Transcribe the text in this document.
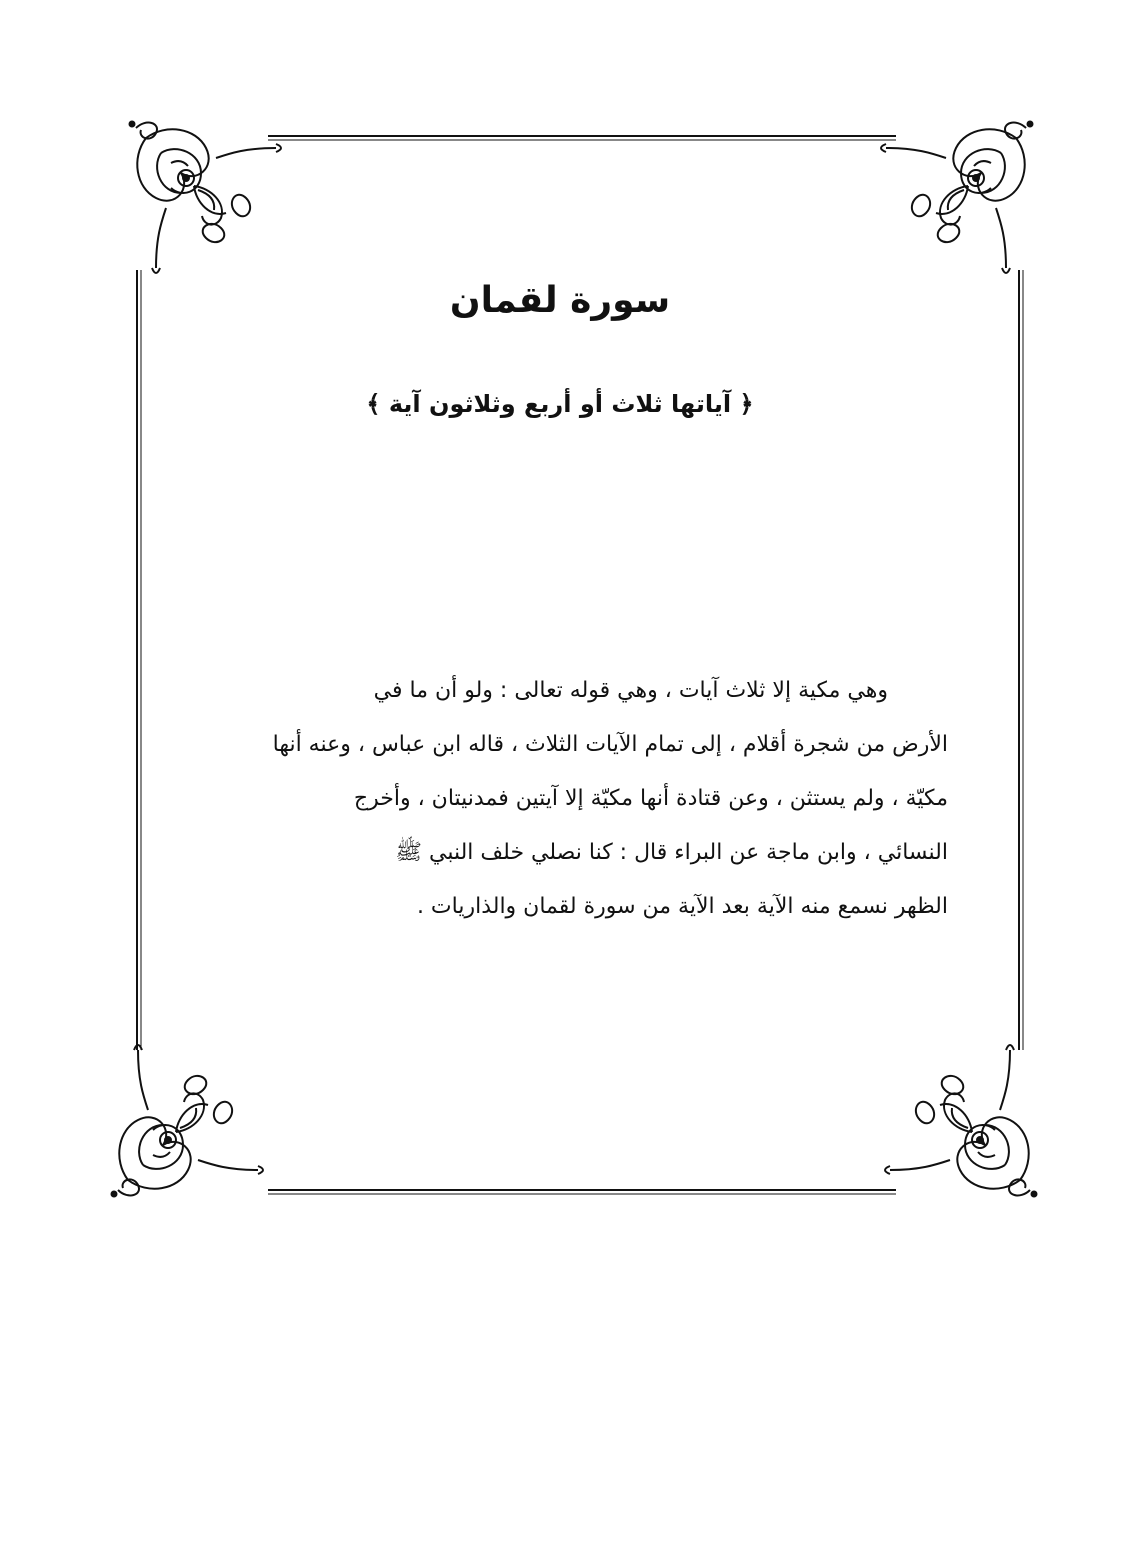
سورة لقمان
﴿ آياتها ثلاث أو أربع وثلاثون آية ﴾
وهي مكية إلا ثلاث آيات ، وهي قوله تعالى : ولو أن ما في
الأرض من شجرة أقلام ، إلى تمام الآيات الثلاث ، قاله ابن عباس ، وعنه أنها
مكيّة ، ولم يستثن ، وعن قتادة أنها مكيّة إلا آيتين فمدنيتان ، وأخرج
النسائي ، وابن ماجة عن البراء قال : كنا نصلي خلف النبي ﷺ
الظهر نسمع منه الآية بعد الآية من سورة لقمان والذاريات .
